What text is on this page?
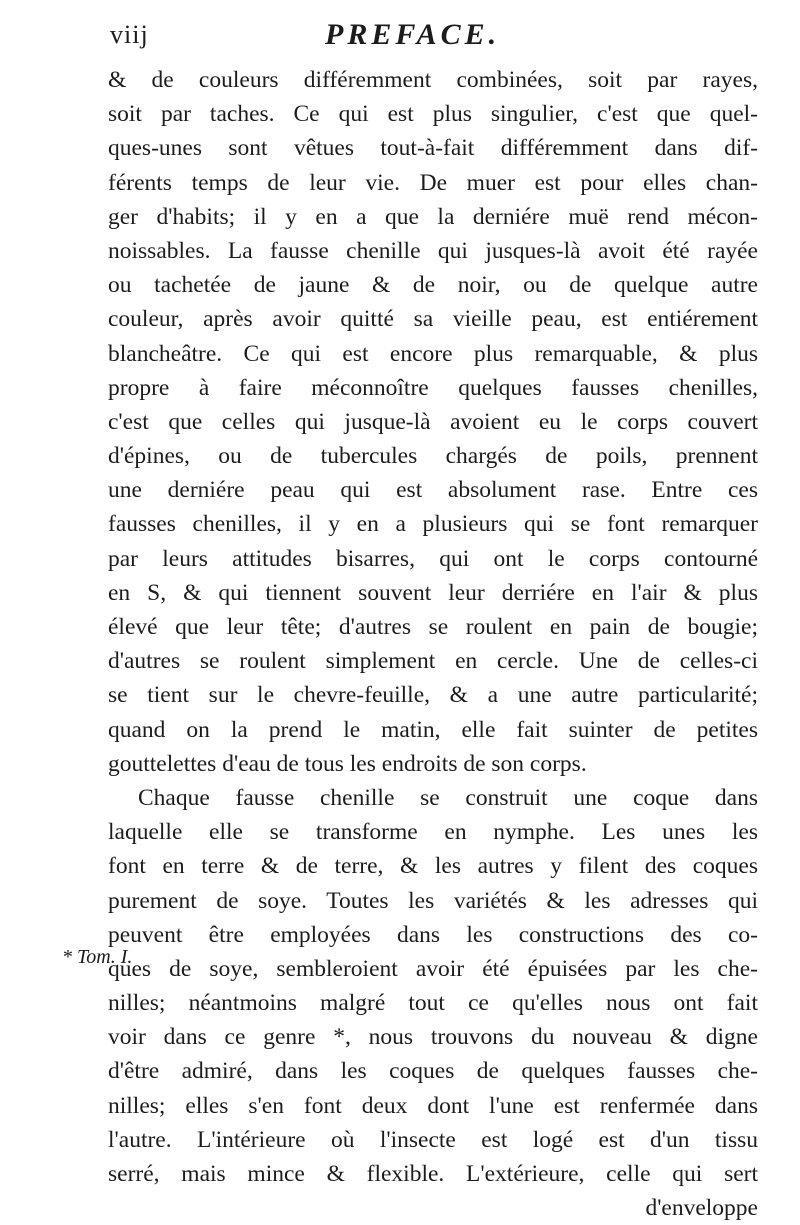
viij	PREFACE.
* Tom. I.
& de couleurs différemment combinées, soit par rayes,
soit par taches. Ce qui est plus singulier, c'est que quel-
ques-unes sont vêtues tout-à-fait différemment dans dif-
férents temps de leur vie. De muer est pour elles chan-
ger d'habits; il y en a que la derniére muë rend mécon-
noissables. La fausse chenille qui jusques-là avoit été rayée
ou tachetée de jaune & de noir, ou de quelque autre
couleur, après avoir quitté sa vieille peau, est entiérement
blancheâtre. Ce qui est encore plus remarquable, & plus
propre à faire méconnoître quelques fausses chenilles,
c'est que celles qui jusque-là avoient eu le corps couvert
d'épines, ou de tubercules chargés de poils, prennent
une derniére peau qui est absolument rase. Entre ces
fausses chenilles, il y en a plusieurs qui se font remarquer
par leurs attitudes bisarres, qui ont le corps contourné
en S, & qui tiennent souvent leur derriére en l'air & plus
élevé que leur tête; d'autres se roulent en pain de bougie;
d'autres se roulent simplement en cercle. Une de celles-ci
se tient sur le chevre-feuille, & a une autre particularité;
quand on la prend le matin, elle fait suinter de petites
gouttelettes d'eau de tous les endroits de son corps.
Chaque fausse chenille se construit une coque dans
laquelle elle se transforme en nymphe. Les unes les
font en terre & de terre, & les autres y filent des coques
purement de soye. Toutes les variétés & les adresses qui
peuvent être employées dans les constructions des co-
ques de soye, sembleroient avoir été épuisées par les che-
nilles; néantmoins malgré tout ce qu'elles nous ont fait
voir dans ce genre *, nous trouvons du nouveau & digne
d'être admiré, dans les coques de quelques fausses che-
nilles; elles s'en font deux dont l'une est renfermée dans
l'autre. L'intérieure où l'insecte est logé est d'un tissu
serré, mais mince & flexible. L'extérieure, celle qui sert
d'enveloppe
